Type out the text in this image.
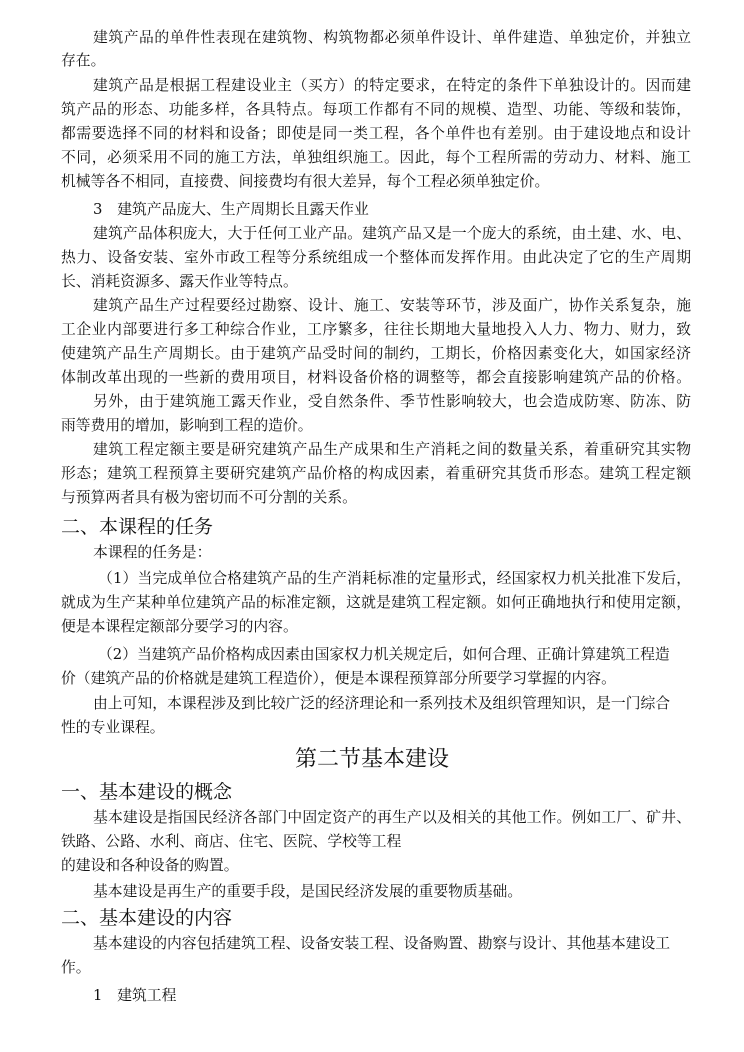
建筑产品的单件性表现在建筑物、构筑物都必须单件设计、单件建造、单独定价，并独立
存在。
建筑产品是根据工程建设业主（买方）的特定要求，在特定的条件下单独设计的。因而建
筑产品的形态、功能多样，各具特点。每项工作都有不同的规模、造型、功能、等级和装饰，
都需要选择不同的材料和设备；即使是同一类工程，各个单件也有差别。由于建设地点和设计
不同，必须采用不同的施工方法，单独组织施工。因此，每个工程所需的劳动力、材料、施工
机械等各不相同，直接费、间接费均有很大差异，每个工程必须单独定价。
3　建筑产品庞大、生产周期长且露天作业
建筑产品体积庞大，大于任何工业产品。建筑产品又是一个庞大的系统，由土建、水、电、
热力、设备安装、室外市政工程等分系统组成一个整体而发挥作用。由此决定了它的生产周期
长、消耗资源多、露天作业等特点。
建筑产品生产过程要经过勘察、设计、施工、安装等环节，涉及面广，协作关系复杂，施
工企业内部要进行多工种综合作业，工序繁多，往往长期地大量地投入人力、物力、财力，致
使建筑产品生产周期长。由于建筑产品受时间的制约，工期长，价格因素变化大，如国家经济
体制改革出现的一些新的费用项目，材料设备价格的调整等，都会直接影响建筑产品的价格。
另外，由于建筑施工露天作业，受自然条件、季节性影响较大，也会造成防寒、防冻、防
雨等费用的增加，影响到工程的造价。
建筑工程定额主要是研究建筑产品生产成果和生产消耗之间的数量关系，着重研究其实物
形态；建筑工程预算主要研究建筑产品价格的构成因素，着重研究其货币形态。建筑工程定额
与预算两者具有极为密切而不可分割的关系。
二、本课程的任务
本课程的任务是：
（1）当完成单位合格建筑产品的生产消耗标准的定量形式，经国家权力机关批准下发后，
就成为生产某种单位建筑产品的标准定额，这就是建筑工程定额。如何正确地执行和使用定额，
便是本课程定额部分要学习的内容。
（2）当建筑产品价格构成因素由国家权力机关规定后，如何合理、正确计算建筑工程造
价（建筑产品的价格就是建筑工程造价），便是本课程预算部分所要学习掌握的内容。
由上可知，本课程涉及到比较广泛的经济理论和一系列技术及组织管理知识，是一门综合
性的专业课程。
第二节基本建设
一、基本建设的概念
基本建设是指国民经济各部门中固定资产的再生产以及相关的其他工作。例如工厂、矿井、
铁路、公路、水利、商店、住宅、医院、学校等工程
的建设和各种设备的购置。
基本建设是再生产的重要手段，是国民经济发展的重要物质基础。
二、基本建设的内容
基本建设的内容包括建筑工程、设备安装工程、设备购置、勘察与设计、其他基本建设工
作。
1　建筑工程
